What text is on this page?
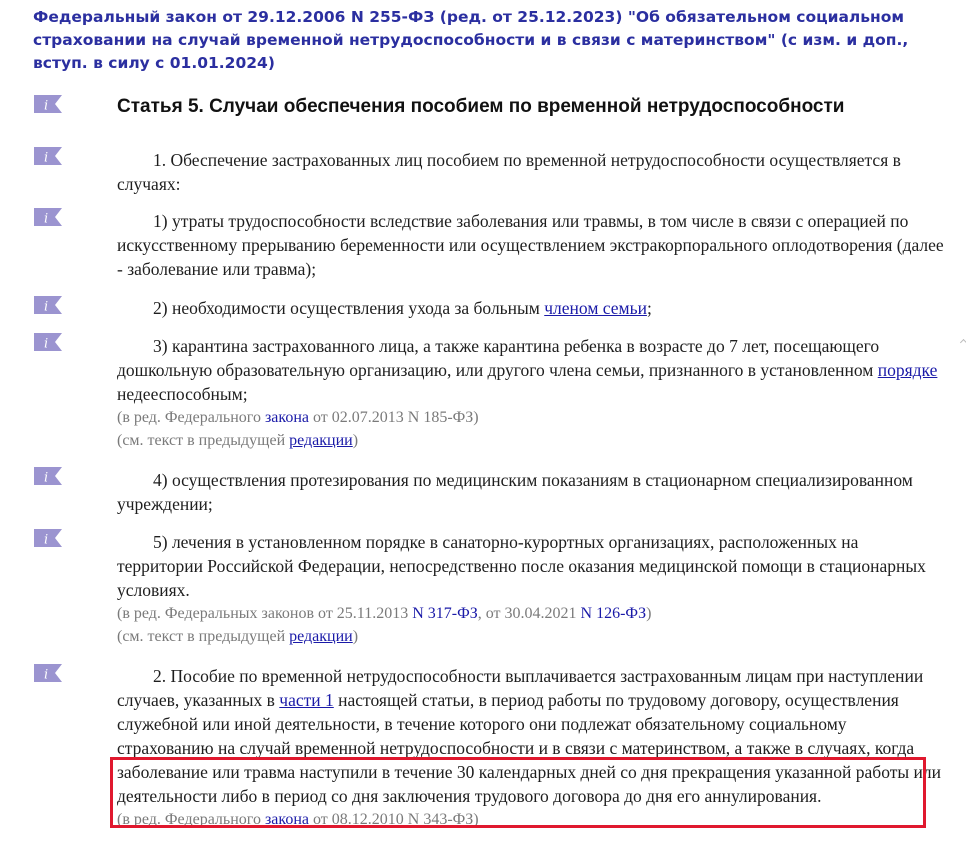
Федеральный закон от 29.12.2006 N 255-ФЗ (ред. от 25.12.2023) "Об обязательном социальном страховании на случай временной нетрудоспособности и в связи с материнством" (с изм. и доп., вступ. в силу с 01.01.2024)
i
i
i
i
i
i
i
i
Статья 5. Случаи обеспечения пособием по временной нетрудоспособности

1. Обеспечение застрахованных лиц пособием по временной нетрудоспособности осуществляется в случаях:

1) утраты трудоспособности вследствие заболевания или травмы, в том числе в связи с операцией по искусственному прерыванию беременности или осуществлением экстракорпорального оплодотворения (далее - заболевание или травма);

2) необходимости осуществления ухода за больным членом семьи;

3) карантина застрахованного лица, а также карантина ребенка в возрасте до 7 лет, посещающего дошкольную образовательную организацию, или другого члена семьи, признанного в установленном порядке недееспособным;

(в ред. Федерального закона от 02.07.2013 N 185-ФЗ)
(см. текст в предыдущей редакции)

4) осуществления протезирования по медицинским показаниям в стационарном специализированном учреждении;

5) лечения в установленном порядке в санаторно-курортных организациях, расположенных на территории Российской Федерации, непосредственно после оказания медицинской помощи в стационарных условиях.

(в ред. Федеральных законов от 25.11.2013 N 317-ФЗ, от 30.04.2021 N 126-ФЗ)
(см. текст в предыдущей редакции)

2. Пособие по временной нетрудоспособности выплачивается застрахованным лицам при наступлении случаев, указанных в части 1 настоящей статьи, в период работы по трудовому договору, осуществления служебной или иной деятельности, в течение которого они подлежат обязательному социальному страхованию на случай временной нетрудоспособности и в связи с материнством, а также в случаях, когда заболевание или травма наступили в течение 30 календарных дней со дня прекращения указанной работы или деятельности либо в период со дня заключения трудового договора до дня его аннулирования.

(в ред. Федерального закона от 08.12.2010 N 343-ФЗ)
